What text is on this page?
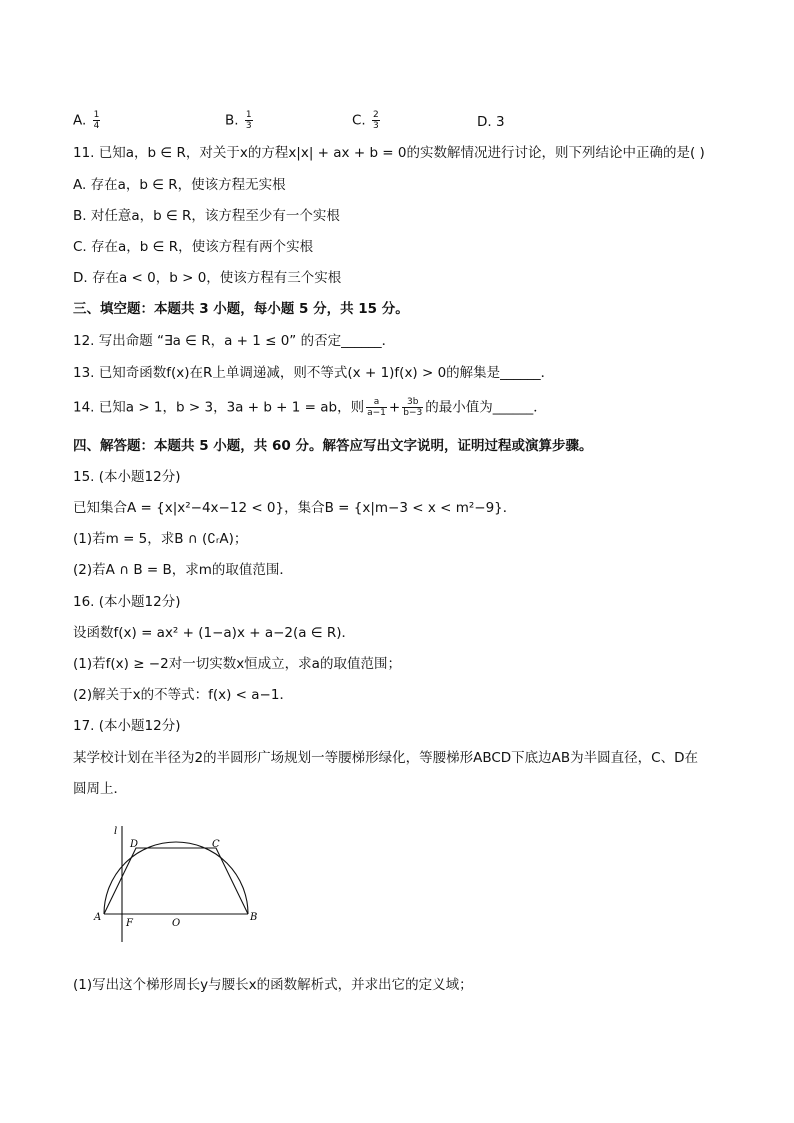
A. $\frac{1}{4}$	B. $\frac{1}{3}$	C. $\frac{2}{3}$	D. 3
11. 已知a，b ∈ R，对关于x的方程x|x| + ax + b = 0的实数解情况进行讨论，则下列结论中正确的是( )
A. 存在a，b ∈ R，使该方程无实根
B. 对任意a，b ∈ R，该方程至少有一个实根
C. 存在a，b ∈ R，使该方程有两个实根
D. 存在a < 0，b > 0，使该方程有三个实根
三、填空题：本题共 3 小题，每小题 5 分，共 15 分。
12. 写出命题 “∃a ∈ R，a + 1 ≤ 0” 的否定______．
13. 已知奇函数f(x)在R上单调递减，则不等式(x + 1)f(x) > 0的解集是______．
14. 已知a > 1，b > 3，3a + b + 1 = ab，则 $\frac{a}{a-1} + \frac{3b}{b-3}$ 的最小值为______．
四、解答题：本题共 5 小题，共 60 分。解答应写出文字说明，证明过程或演算步骤。
15. (本小题12分)
已知集合A = {x|x²−4x−12 < 0}，集合B = {x|m−3 < x < m²−9}．
(1)若m = 5，求B ∩ (∁ᵣA)；
(2)若A ∩ B = B，求m的取值范围．
16. (本小题12分)
设函数f(x) = ax² + (1−a)x + a−2(a ∈ R)．
(1)若f(x) ≥ −2对一切实数x恒成立，求a的取值范围；
(2)解关于x的不等式：f(x) < a−1．
17. (本小题12分)
某学校计划在半径为2的半圆形广场规划一等腰梯形绿化，等腰梯形ABCD下底边AB为半圆直径，C、D在
圆周上．
l
D	C
A
F	O
B
(1)写出这个梯形周长y与腰长x的函数解析式，并求出它的定义域；
